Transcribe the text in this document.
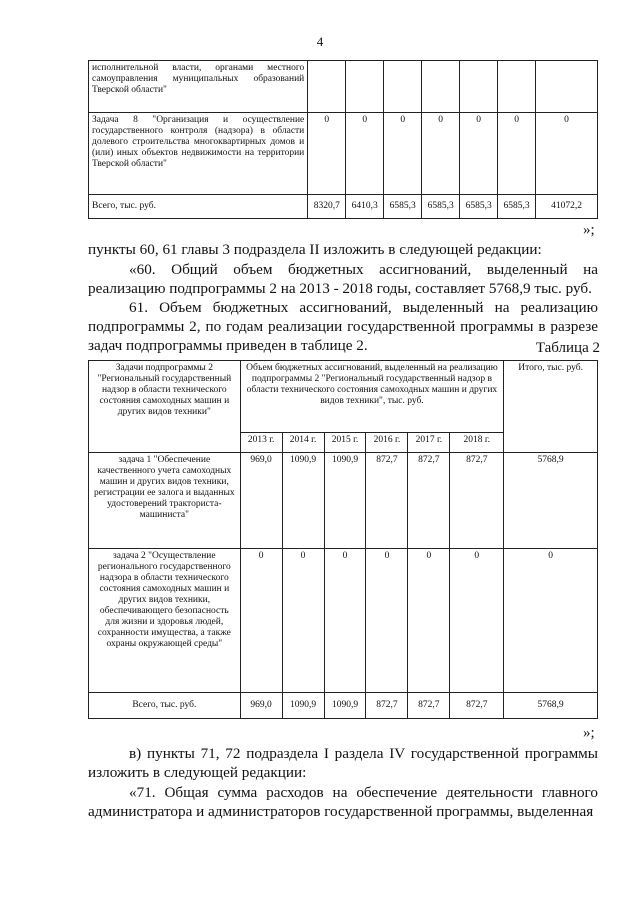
4
исполнительной власти, органами местного самоуправления муниципальных образований Тверской области"							
Задача 8 "Организация и осуществление государственного контроля (надзора) в области долевого строительства многоквартирных домов и (или) иных объектов недвижимости на территории Тверской области"	0	0	0	0	0	0	0
Всего, тыс. руб.	8320,7	6410,3	6585,3	6585,3	6585,3	6585,3	41072,2
»;
пункты 60, 61 главы 3 подраздела II изложить в следующей редакции:
«60. Общий объем бюджетных ассигнований, выделенный на реализацию подпрограммы 2 на 2013 - 2018 годы, составляет 5768,9 тыс. руб.
61. Объем бюджетных ассигнований, выделенный на реализацию подпрограммы 2, по годам реализации государственной программы в разрезе задач подпрограммы приведен в таблице 2.	Таблица 2
Задачи подпрограммы 2 "Региональный государственный надзор в области технического состояния самоходных машин и других видов техники"	Объем бюджетных ассигнований, выделенный на реализацию подпрограммы 2 "Региональный государственный надзор в области технического состояния самоходных машин и других видов техники", тыс. руб.						Итого, тыс. руб.
	2013 г.	2014 г.	2015 г.	2016 г.	2017 г.	2018 г.	
задача 1 "Обеспечение качественного учета самоходных машин и других видов техники, регистрации ее залога и выданных удостоверений тракториста-машиниста"	969,0	1090,9	1090,9	872,7	872,7	872,7	5768,9
задача 2 "Осуществление регионального государственного надзора в области технического состояния самоходных машин и других видов техники, обеспечивающего безопасность для жизни и здоровья людей, сохранности имущества, а также охраны окружающей среды"	0	0	0	0	0	0	0
Всего, тыс. руб.	969,0	1090,9	1090,9	872,7	872,7	872,7	5768,9
»;
в) пункты 71, 72 подраздела I раздела IV государственной программы изложить в следующей редакции:
«71. Общая сумма расходов на обеспечение деятельности главного администратора и администраторов государственной программы, выделенная
